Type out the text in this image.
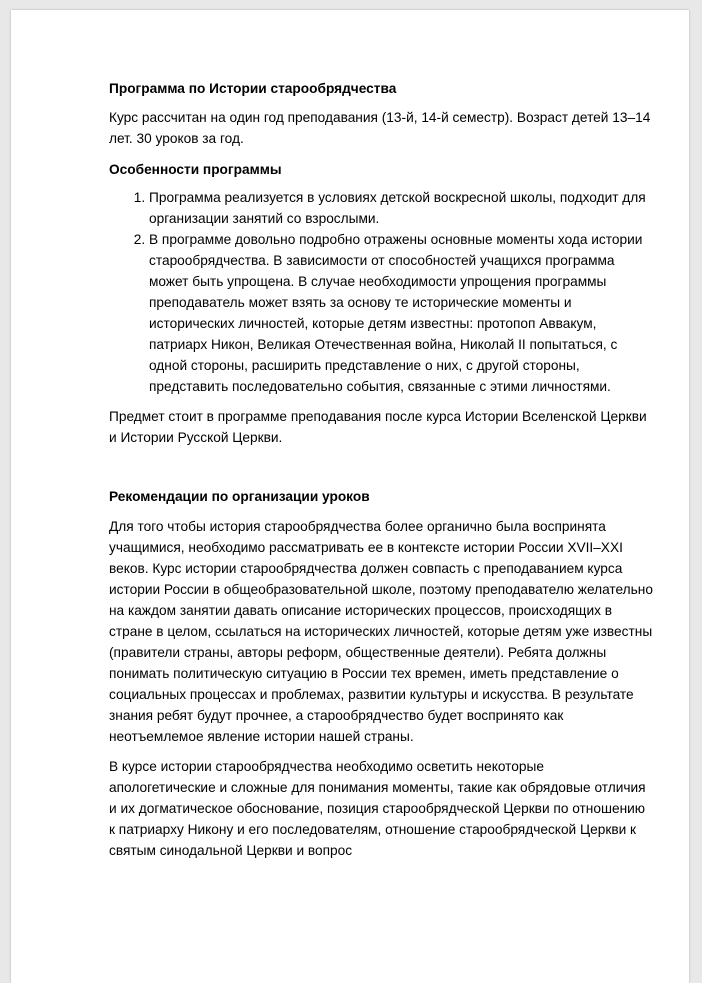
Программа по Истории старообрядчества

Курс рассчитан на один год преподавания (13-й, 14-й семестр). Возраст детей 13–14 лет. 30 уроков за год.

Особенности программы

1. Программа реализуется в условиях детской воскресной школы, подходит для организации занятий со взрослыми.
2. В программе довольно подробно отражены основные моменты хода истории старообрядчества. В зависимости от способностей учащихся программа может быть упрощена. В случае необходимости упрощения программы преподаватель может взять за основу те исторические моменты и исторических личностей, которые детям известны: протопоп Аввакум, патриарх Никон, Великая Отечественная война, Николай II попытаться, с одной стороны, расширить представление о них, с другой стороны, представить последовательно события, связанные с этими личностями.

Предмет стоит в программе преподавания после курса Истории Вселенской Церкви и Истории Русской Церкви.

Рекомендации по организации уроков

Для того чтобы история старообрядчества более органично была воспринята учащимися, необходимо рассматривать ее в контексте истории России XVII–XXI веков. Курс истории старообрядчества должен совпасть с преподаванием курса истории России в общеобразовательной школе, поэтому преподавателю желательно на каждом занятии давать описание исторических процессов, происходящих в стране в целом, ссылаться на исторических личностей, которые детям уже известны (правители страны, авторы реформ, общественные деятели). Ребята должны понимать политическую ситуацию в России тех времен, иметь представление о социальных процессах и проблемах, развитии культуры и искусства. В результате знания ребят будут прочнее, а старообрядчество будет воспринято как неотъемлемое явление истории нашей страны.

В курсе истории старообрядчества необходимо осветить некоторые апологетические и сложные для понимания моменты, такие как обрядовые отличия и их догматическое обоснование, позиция старообрядческой Церкви по отношению к патриарху Никону и его последователям, отношение старообрядческой Церкви к святым синодальной Церкви и вопрос
